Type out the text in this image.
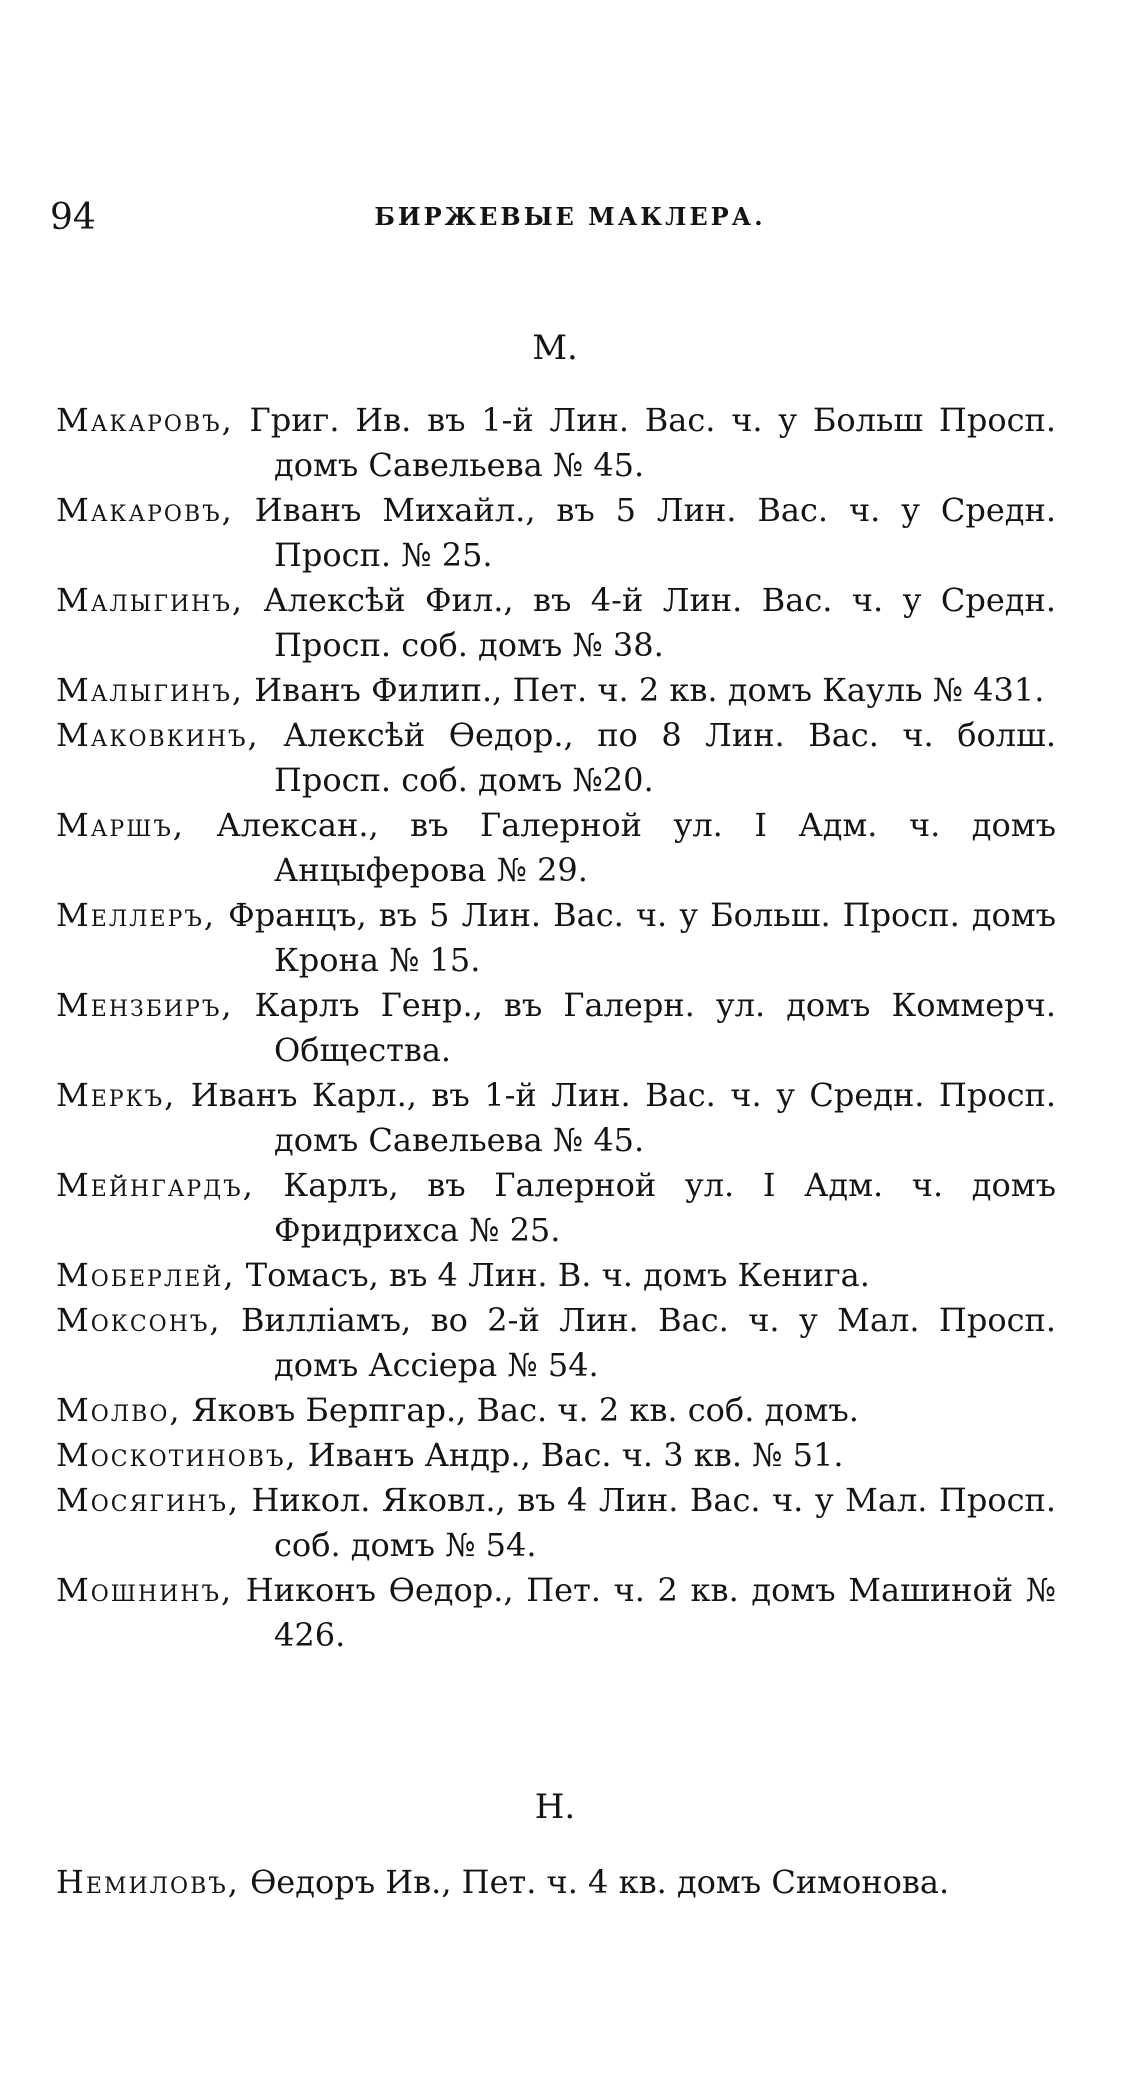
94	БИРЖЕВЫЕ МАКЛЕРА.
М.
Макаровъ, Григ. Ив. въ 1-й Лин. Вас. ч. у Больш Просп. домъ Савельева № 45.
Макаровъ, Иванъ Михайл., въ 5 Лин. Вас. ч. у Средн. Просп. № 25.
Малыгинъ, Алексѣй Фил., въ 4-й Лин. Вас. ч. у Средн. Просп. соб. домъ № 38.
Малыгинъ, Иванъ Филип., Пет. ч. 2 кв. домъ Кауль № 431.
Маковкинъ, Алексѣй Өедор., по 8 Лин. Вас. ч. болш. Просп. соб. домъ №20.
Маршъ, Алексан., въ Галерной ул. I Адм. ч. домъ Анцыферова № 29.
Меллеръ, Францъ, въ 5 Лин. Вас. ч. у Больш. Просп. домъ Крона № 15.
Мензбиръ, Карлъ Генр., въ Галерн. ул. домъ Коммерч. Общества.
Меркъ, Иванъ Карл., въ 1-й Лин. Вас. ч. у Средн. Просп. домъ Савельева № 45.
Мейнгардъ, Карлъ, въ Галерной ул. I Адм. ч. домъ Фридрихса № 25.
Моберлей, Томасъ, въ 4 Лин. В. ч. домъ Кенига.
Моксонъ, Вилліамъ, во 2-й Лин. Вас. ч. у Мал. Просп. домъ Ассіера № 54.
Молво, Яковъ Берпгар., Вас. ч. 2 кв. соб. домъ.
Москотиновъ, Иванъ Андр., Вас. ч. 3 кв. № 51.
Мосягинъ, Никол. Яковл., въ 4 Лин. Вас. ч. у Мал. Просп. соб. домъ № 54.
Мошнинъ, Никонъ Өедор., Пет. ч. 2 кв. домъ Машиной № 426.
Н.
Немиловъ, Өедоръ Ив., Пет. ч. 4 кв. домъ Симонова.
